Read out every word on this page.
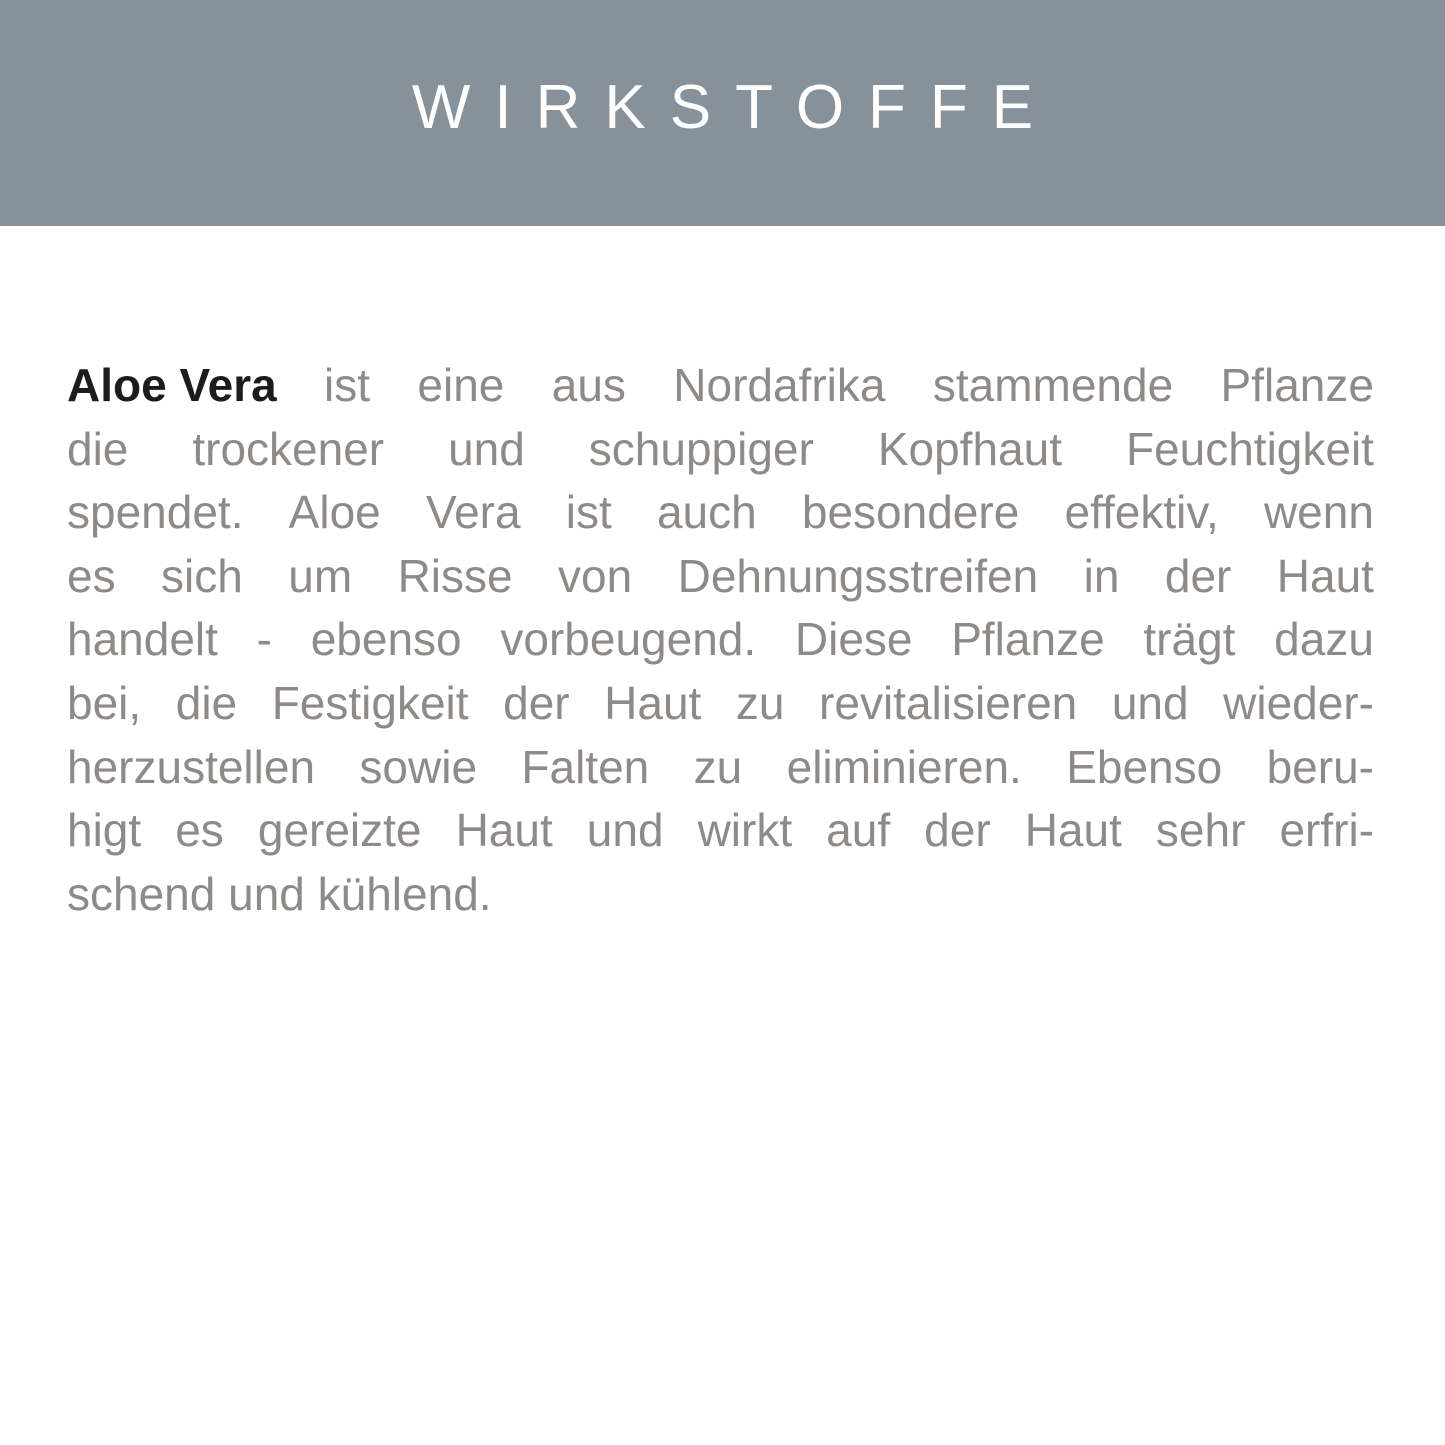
WIRKSTOFFE
Aloe Vera ist eine aus Nordafrika stammende Pflanze
die trockener und schuppiger Kopfhaut Feuchtigkeit
spendet. Aloe Vera ist auch besondere effektiv, wenn
es sich um Risse von Dehnungsstreifen in der Haut
handelt - ebenso vorbeugend. Diese Pflanze trägt dazu
bei, die Festigkeit der Haut zu revitalisieren und wieder-
herzustellen sowie Falten zu eliminieren. Ebenso beru-
higt es gereizte Haut und wirkt auf der Haut sehr erfri-
schend und kühlend.
